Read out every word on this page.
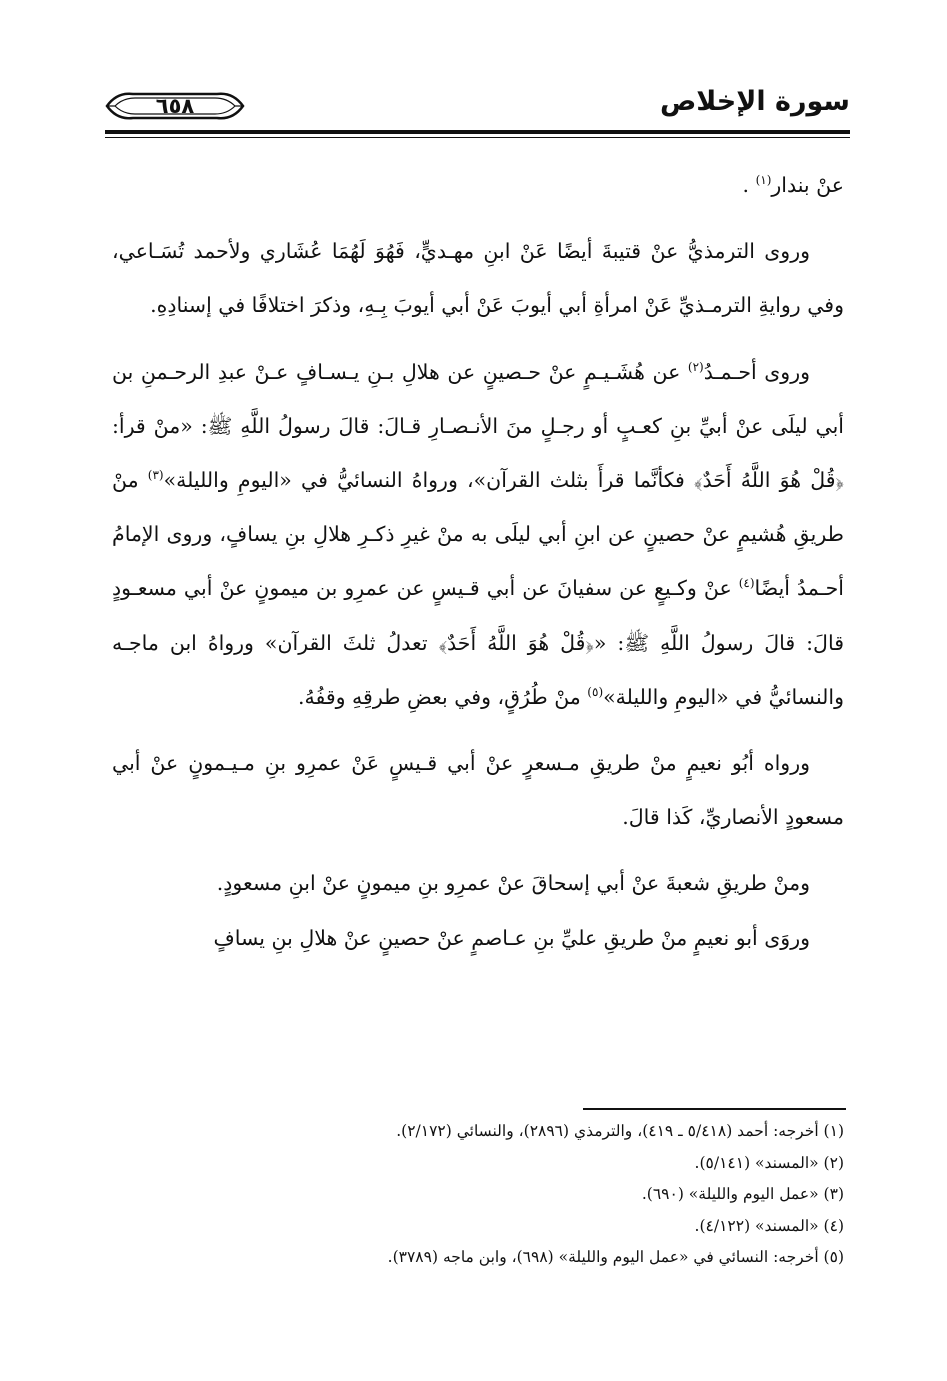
٦٥٨	سورة الإخلاص

عنْ بندار$^{(١)}$ .

وروى الترمذيُّ عنْ قتيبةَ أيضًا عَنْ ابنِ مهـديٍّ، فَهُوَ لَهُمَا عُشَاري ولأحمد تُسَـاعي، وفي روايةِ الترمـذيِّ عَنْ امرأةِ أبي أيوبَ عَنْ أبي أيوبَ بِـهِ، وذكرَ اختلافًا في إسنادِهِ.

وروى أحـمـدُ$^{(٢)}$ عن هُشَـيـمٍ عنْ حـصينٍ عن هلالِ بـنِ يـسـافٍ عـنْ عبدِ الرحـمنِ بن أبي ليلَى عنْ أبيِّ بنِ كعـبٍ أو رجـلٍ منَ الأنـصـارِ قـالَ: قالَ رسولُ اللَّهِ ﷺ: «منْ قرأ: ﴿قُلْ هُوَ اللَّهُ أَحَدٌ﴾ فكأنَّما قرأَ بثلث القرآن»، ورواهُ النسائيُّ في «اليومِ والليلة»$^{(٣)}$ منْ طريقِ هُشيمٍ عنْ حصينٍ عن ابنِ أبي ليلَى به منْ غيرِ ذكـرِ هلالِ بنِ يسافٍ، وروى الإمامُ أحـمدُ أيضًا$^{(٤)}$ عنْ وكـيعٍ عن سفيانَ عن أبي قـيسٍ عن عمرِو بن ميمونٍ عنْ أبي مسعـودٍ قالَ: قالَ رسولُ اللَّهِ ﷺ: «﴿قُلْ هُوَ اللَّهُ أَحَدٌ﴾ تعدلُ ثلثَ القرآن» ورواهُ ابن ماجـه والنسائيُّ في «اليومِ والليلة»$^{(٥)}$ منْ طُرُقٍ، وفي بعضِ طرقِهِ وقفُهُ.

ورواه أبُو نعيمٍ منْ طريقِ مـسعرٍ عنْ أبي قـيسٍ عَنْ عمرِو بنِ مـيـمونٍ عنْ أبي مسعودٍ الأنصاريِّ، كَذا قالَ.

ومنْ طريقِ شعبةَ عنْ أبي إسحاقَ عنْ عمرِو بنِ ميمونٍ عنْ ابنِ مسعودٍ.

وروَى أبو نعيمٍ منْ طريقِ عليِّ بنِ عـاصمٍ عنْ حصينٍ عنْ هلالِ بنِ يسافٍ

(١) أخرجه: أحمد (٥/٤١٨ ـ ٤١٩)، والترمذي (٢٨٩٦)، والنسائي (٢/١٧٢).
(٢) «المسند» (٥/١٤١).
(٣) «عمل اليوم والليلة» (٦٩٠).
(٤) «المسند» (٤/١٢٢).
(٥) أخرجه: النسائي في «عمل اليوم والليلة» (٦٩٨)، وابن ماجه (٣٧٨٩).
